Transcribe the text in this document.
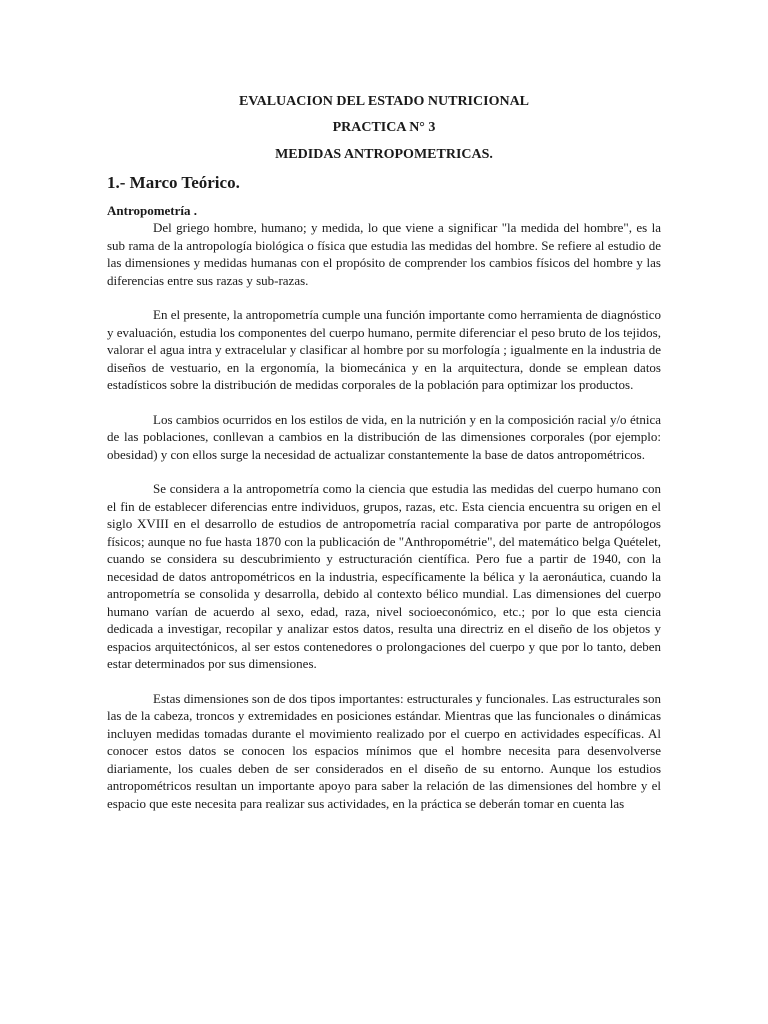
EVALUACION DEL ESTADO NUTRICIONAL

PRACTICA N° 3

MEDIDAS ANTROPOMETRICAS.

1.- Marco Teórico.

Antropometría .

Del griego hombre, humano; y medida, lo que viene a significar "la medida del hombre", es la sub rama de la antropología biológica o física que estudia las medidas del hombre. Se refiere al estudio de las dimensiones y medidas humanas con el propósito de comprender los cambios físicos del hombre y las diferencias entre sus razas y sub-razas.

En el presente, la antropometría cumple una función importante como herramienta de diagnóstico y evaluación, estudia los componentes del cuerpo humano, permite diferenciar el peso bruto de los tejidos, valorar el agua intra y extracelular y clasificar al hombre por su morfología ; igualmente en la industria de diseños de vestuario, en la ergonomía, la biomecánica y en la arquitectura, donde se emplean datos estadísticos sobre la distribución de medidas corporales de la población para optimizar los productos.

Los cambios ocurridos en los estilos de vida, en la nutrición y en la composición racial y/o étnica de las poblaciones, conllevan a cambios en la distribución de las dimensiones corporales (por ejemplo: obesidad) y con ellos surge la necesidad de actualizar constantemente la base de datos antropométricos.

Se considera a la antropometría como la ciencia que estudia las medidas del cuerpo humano con el fin de establecer diferencias entre individuos, grupos, razas, etc. Esta ciencia encuentra su origen en el siglo XVIII en el desarrollo de estudios de antropometría racial comparativa por parte de antropólogos físicos; aunque no fue hasta 1870 con la publicación de "Anthropométrie", del matemático belga Quételet, cuando se considera su descubrimiento y estructuración científica. Pero fue a partir de 1940, con la necesidad de datos antropométricos en la industria, específicamente la bélica y la aeronáutica, cuando la antropometría se consolida y desarrolla, debido al contexto bélico mundial. Las dimensiones del cuerpo humano varían de acuerdo al sexo, edad, raza, nivel socioeconómico, etc.; por lo que esta ciencia dedicada a investigar, recopilar y analizar estos datos, resulta una directriz en el diseño de los objetos y espacios arquitectónicos, al ser estos contenedores o prolongaciones del cuerpo y que por lo tanto, deben estar determinados por sus dimensiones.

Estas dimensiones son de dos tipos importantes: estructurales y funcionales. Las estructurales son las de la cabeza, troncos y extremidades en posiciones estándar. Mientras que las funcionales o dinámicas incluyen medidas tomadas durante el movimiento realizado por el cuerpo en actividades específicas. Al conocer estos datos se conocen los espacios mínimos que el hombre necesita para desenvolverse diariamente, los cuales deben de ser considerados en el diseño de su entorno. Aunque los estudios antropométricos resultan un importante apoyo para saber la relación de las dimensiones del hombre y el espacio que este necesita para realizar sus actividades, en la práctica se deberán tomar en cuenta las
